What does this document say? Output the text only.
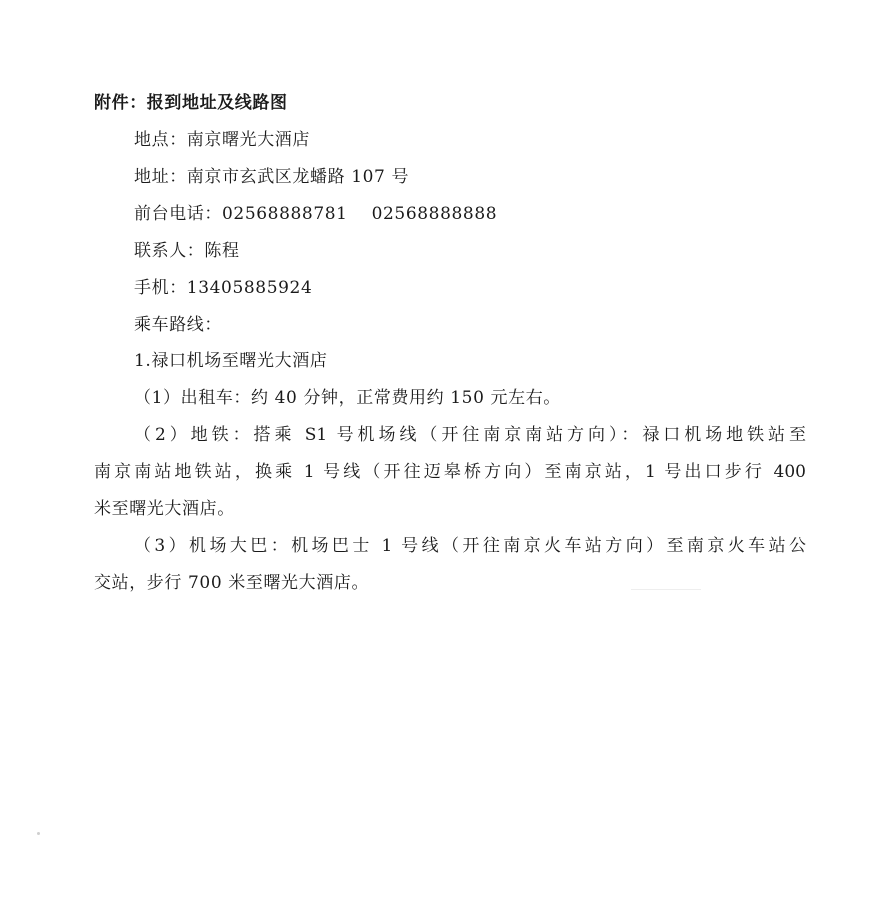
附件：报到地址及线路图
地点：南京曙光大酒店
地址：南京市玄武区龙蟠路 107 号
前台电话：02568888781    02568888888
联系人：陈程
手机：13405885924
乘车路线：
1.禄口机场至曙光大酒店
（1）出租车：约 40 分钟，正常费用约 150 元左右。
（2）地铁：搭乘 S1 号机场线（开往南京南站方向）：禄口机场地铁站至
南京南站地铁站，换乘 1 号线（开往迈皋桥方向）至南京站，1 号出口步行 400
米至曙光大酒店。
（3）机场大巴：机场巴士 1 号线（开往南京火车站方向）至南京火车站公
交站，步行 700 米至曙光大酒店。
